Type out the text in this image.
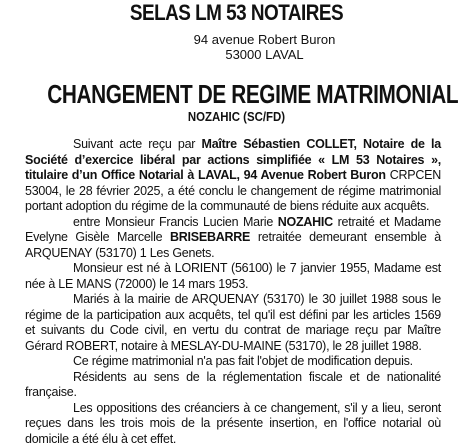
SELAS LM 53 NOTAIRES
94 avenue Robert Buron
53000 LAVAL
CHANGEMENT DE REGIME MATRIMONIAL
NOZAHIC (SC/FD)

Suivant acte reçu par Maître Sébastien COLLET, Notaire de la Société d’exercice libéral par actions simplifiée « LM 53 Notaires », titulaire d’un Office Notarial à LAVAL, 94 Avenue Robert Buron CRPCEN 53004, le 28 février 2025, a été conclu le changement de régime matrimonial portant adoption du régime de la communauté de biens réduite aux acquêts.

entre Monsieur Francis Lucien Marie NOZAHIC retraité et Madame Evelyne Gisèle Marcelle BRISEBARRE retraitée demeurant ensemble à ARQUENAY (53170) 1 Les Genets.

Monsieur est né à LORIENT (56100) le 7 janvier 1955, Madame est née à LE MANS (72000) le 14 mars 1953.

Mariés à la mairie de ARQUENAY (53170) le 30 juillet 1988 sous le régime de la participation aux acquêts, tel qu'il est défini par les articles 1569 et suivants du Code civil, en vertu du contrat de mariage reçu par Maître Gérard ROBERT, notaire à MESLAY-DU-MAINE (53170), le 28 juillet 1988.

Ce régime matrimonial n'a pas fait l'objet de modification depuis.

Résidents au sens de la réglementation fiscale et de nationalité française.

Les oppositions des créanciers à ce changement, s'il y a lieu, seront reçues dans les trois mois de la présente insertion, en l'office notarial où domicile a été élu à cet effet.
